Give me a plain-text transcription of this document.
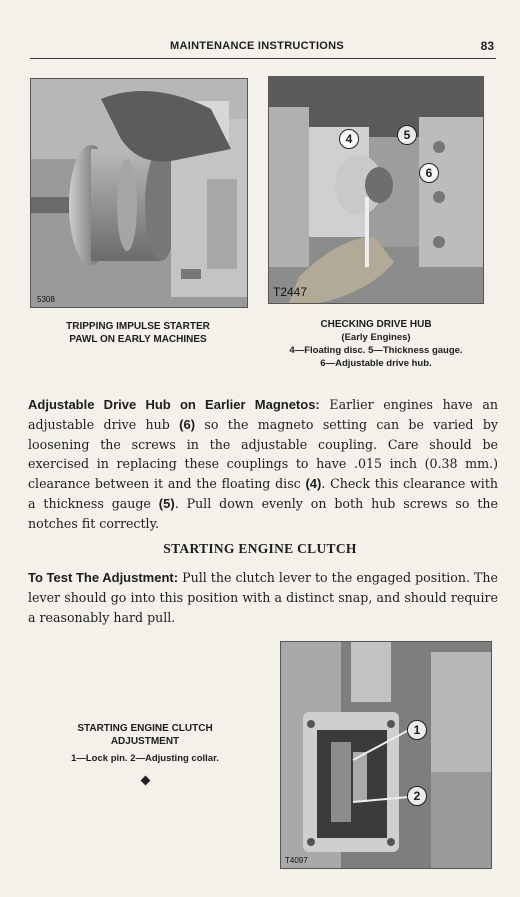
MAINTENANCE INSTRUCTIONS	83
5308
TRIPPING IMPULSE STARTER
PAWL ON EARLY MACHINES
4	5
6
T2447
CHECKING DRIVE HUB

(Early Engines)
4—Floating disc. 5—Thickness gauge.
6—Adjustable drive hub.
Adjustable Drive Hub on Earlier Magnetos: Earlier engines have an adjustable drive hub (6) so the magneto setting can be varied by loosening the screws in the adjustable coupling. Care should be exercised in replacing these couplings to have .015 inch (0.38 mm.) clearance between it and the floating disc (4). Check this clearance with a thickness gauge (5). Pull down evenly on both hub screws so the notches fit correctly.
STARTING ENGINE CLUTCH
To Test The Adjustment: Pull the clutch lever to the engaged position. The lever should go into this position with a distinct snap, and should require a reasonably hard pull.
STARTING ENGINE CLUTCH
ADJUSTMENT

1—Lock pin. 2—Adjusting collar.
1
2
T4097
